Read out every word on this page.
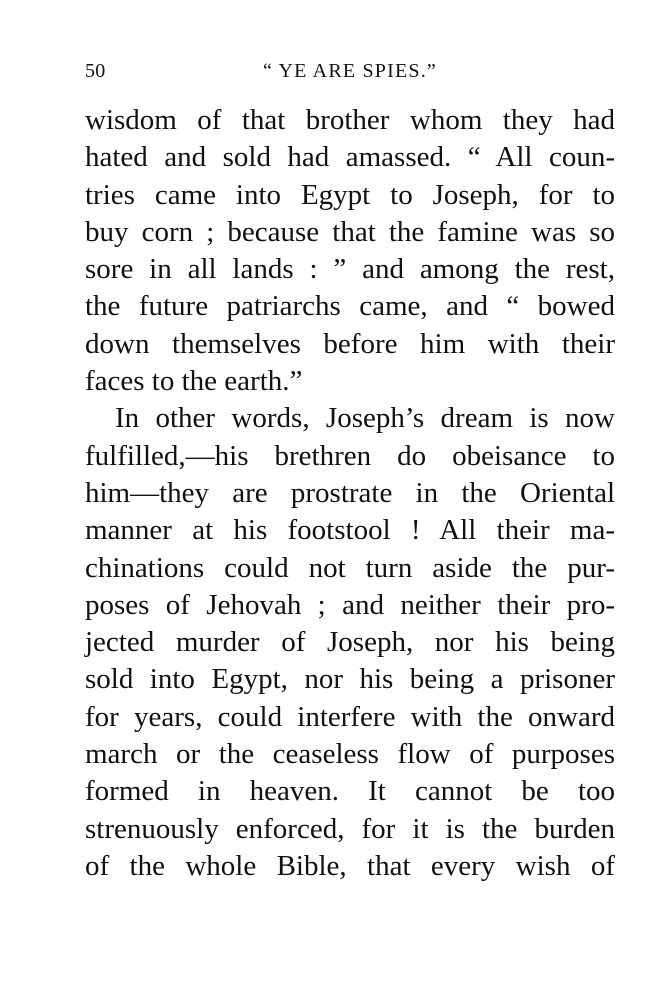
50	“ YE ARE SPIES.”
wisdom of that brother whom they had
hated and sold had amassed. “ All coun-
tries came into Egypt to Joseph, for to
buy corn ; because that the famine was so
sore in all lands : ” and among the rest,
the future patriarchs came, and “ bowed
down themselves before him with their
faces to the earth.”
In other words, Joseph’s dream is now
fulfilled,—his brethren do obeisance to
him—they are prostrate in the Oriental
manner at his footstool ! All their ma-
chinations could not turn aside the pur-
poses of Jehovah ; and neither their pro-
jected murder of Joseph, nor his being
sold into Egypt, nor his being a prisoner
for years, could interfere with the onward
march or the ceaseless flow of purposes
formed in heaven. It cannot be too
strenuously enforced, for it is the burden
of the whole Bible, that every wish of
